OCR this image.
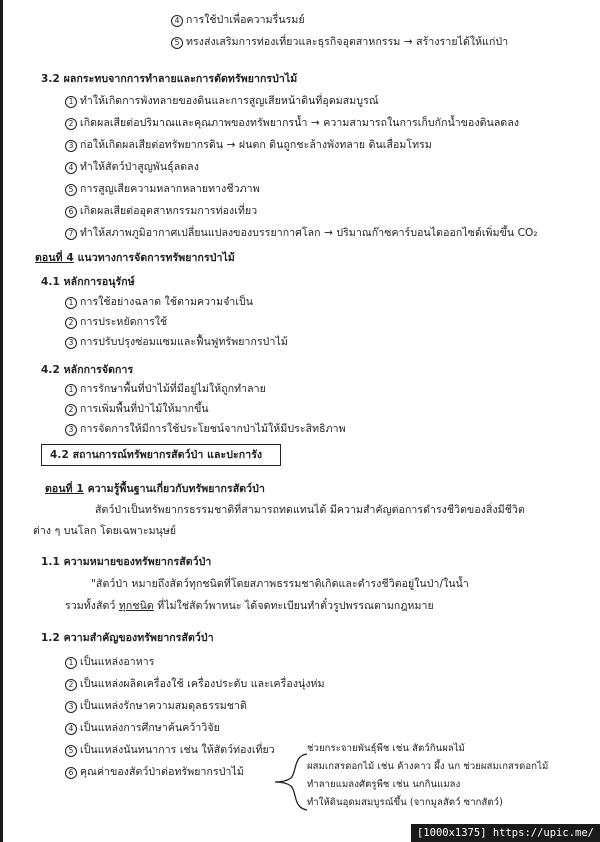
4 การใช้ป่าเพื่อความรื่นรมย์
5 ทรงส่งเสริมการท่องเที่ยวและธุรกิจอุตสาหกรรม → สร้างรายได้ให้แก่ป่า
3.2 ผลกระทบจากการทำลายและการตัดทรัพยากรป่าไม้
1 ทำให้เกิดการพังทลายของดินและการสูญเสียหน้าดินที่อุดมสมบูรณ์
2 เกิดผลเสียต่อปริมาณและคุณภาพของทรัพยากรน้ำ → ความสามารถในการเก็บกักน้ำของดินลดลง
3 ก่อให้เกิดผลเสียต่อทรัพยากรดิน → ฝนตก ดินถูกชะล้างพังทลาย ดินเสื่อมโทรม
4 ทำให้สัตว์ป่าสูญพันธุ์ลดลง
5 การสูญเสียความหลากหลายทางชีวภาพ
6 เกิดผลเสียต่ออุตสาหกรรมการท่องเที่ยว
7 ทำให้สภาพภูมิอากาศเปลี่ยนแปลงของบรรยากาศโลก → ปริมาณก๊าซคาร์บอนไดออกไซด์เพิ่มขึ้น CO₂
ตอนที่ 4 แนวทางการจัดการทรัพยากรป่าไม้
4.1 หลักการอนุรักษ์
1 การใช้อย่างฉลาด ใช้ตามความจำเป็น
2 การประหยัดการใช้
3 การปรับปรุงซ่อมแซมและฟื้นฟูทรัพยากรป่าไม้
4.2 หลักการจัดการ
1 การรักษาพื้นที่ป่าไม้ที่มีอยู่ไม่ให้ถูกทำลาย
2 การเพิ่มพื้นที่ป่าไม้ให้มากขึ้น
3 การจัดการให้มีการใช้ประโยชน์จากป่าไม้ให้มีประสิทธิภาพ
4.2 สถานการณ์ทรัพยากรสัตว์ป่า และปะการัง
ตอนที่ 1 ความรู้พื้นฐานเกี่ยวกับทรัพยากรสัตว์ป่า
สัตว์ป่าเป็นทรัพยากรธรรมชาติที่สามารถทดแทนได้ มีความสำคัญต่อการดำรงชีวิตของสิ่งมีชีวิต
ต่าง ๆ บนโลก โดยเฉพาะมนุษย์
1.1 ความหมายของทรัพยากรสัตว์ป่า
"สัตว์ป่า หมายถึงสัตว์ทุกชนิดที่โดยสภาพธรรมชาติเกิดและดำรงชีวิตอยู่ในป่า/ในน้ำ
รวมทั้งสัตว์ ทุกชนิด ที่ไม่ใช่สัตว์พาหนะ ได้จดทะเบียนทำตั๋วรูปพรรณตามกฎหมาย
1.2 ความสำคัญของทรัพยากรสัตว์ป่า
1 เป็นแหล่งอาหาร
2 เป็นแหล่งผลิตเครื่องใช้ เครื่องประดับ และเครื่องนุ่งห่ม
3 เป็นแหล่งรักษาความสมดุลธรรมชาติ
4 เป็นแหล่งการศึกษาค้นคว้าวิจัย
5 เป็นแหล่งนันทนาการ เช่น ให้สัตว์ท่องเที่ยว
6 คุณค่าของสัตว์ป่าต่อทรัพยากรป่าไม้
ช่วยกระจายพันธุ์พืช เช่น สัตว์กินผลไม้
ผสมเกสรดอกไม้ เช่น ค้างคาว ผึ้ง นก ช่วยผสมเกสรดอกไม้
ทำลายแมลงศัตรูพืช เช่น นกกินแมลง
ทำให้ดินอุดมสมบูรณ์ขึ้น (จากมูลสัตว์ ซากสัตว์)
[1000x1375] https://upic.me/
